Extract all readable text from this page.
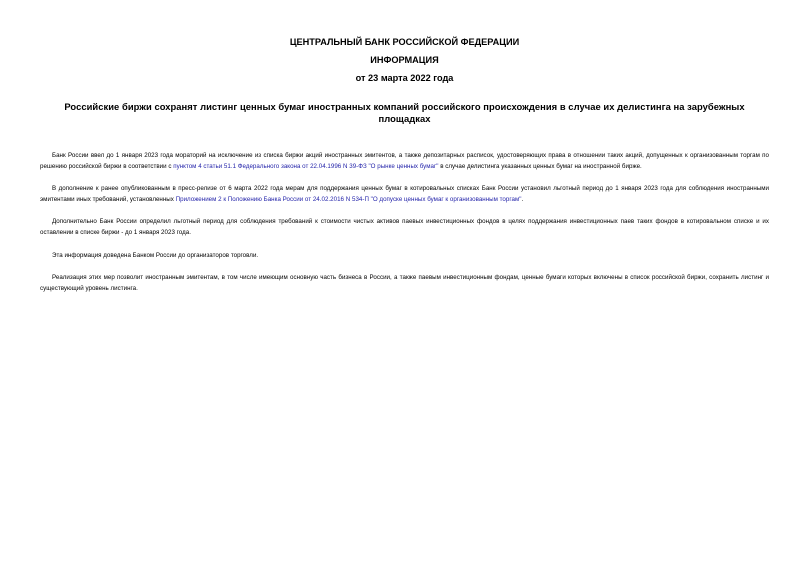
ЦЕНТРАЛЬНЫЙ БАНК РОССИЙСКОЙ ФЕДЕРАЦИИ

ИНФОРМАЦИЯ

от 23 марта 2022 года

Российские биржи сохранят листинг ценных бумаг иностранных компаний российского происхождения в случае их делистинга на зарубежных площадках

Банк России ввел до 1 января 2023 года мораторий на исключение из списка биржи акций иностранных эмитентов, а также депозитарных расписок, удостоверяющих права в отношении таких акций, допущенных к организованным торгам по решению российской биржи в соответствии с пунктом 4 статьи 51.1 Федерального закона от 22.04.1996 N 39-ФЗ "О рынке ценных бумаг" в случае делистинга указанных ценных бумаг на иностранной бирже.

В дополнение к ранее опубликованным в пресс-релизе от 6 марта 2022 года мерам для поддержания ценных бумаг в котировальных списках Банк России установил льготный период до 1 января 2023 года для соблюдения иностранными эмитентами иных требований, установленных Приложением 2 к Положению Банка России от 24.02.2016 N 534-П "О допуске ценных бумаг к организованным торгам".

Дополнительно Банк России определил льготный период для соблюдения требований к стоимости чистых активов паевых инвестиционных фондов в целях поддержания инвестиционных паев таких фондов в котировальном списке и их оставлении в списке биржи - до 1 января 2023 года.

Эта информация доведена Банком России до организаторов торговли.

Реализация этих мер позволит иностранным эмитентам, в том числе имеющим основную часть бизнеса в России, а также паевым инвестиционным фондам, ценные бумаги которых включены в список российской биржи, сохранить листинг и существующий уровень листинга.
